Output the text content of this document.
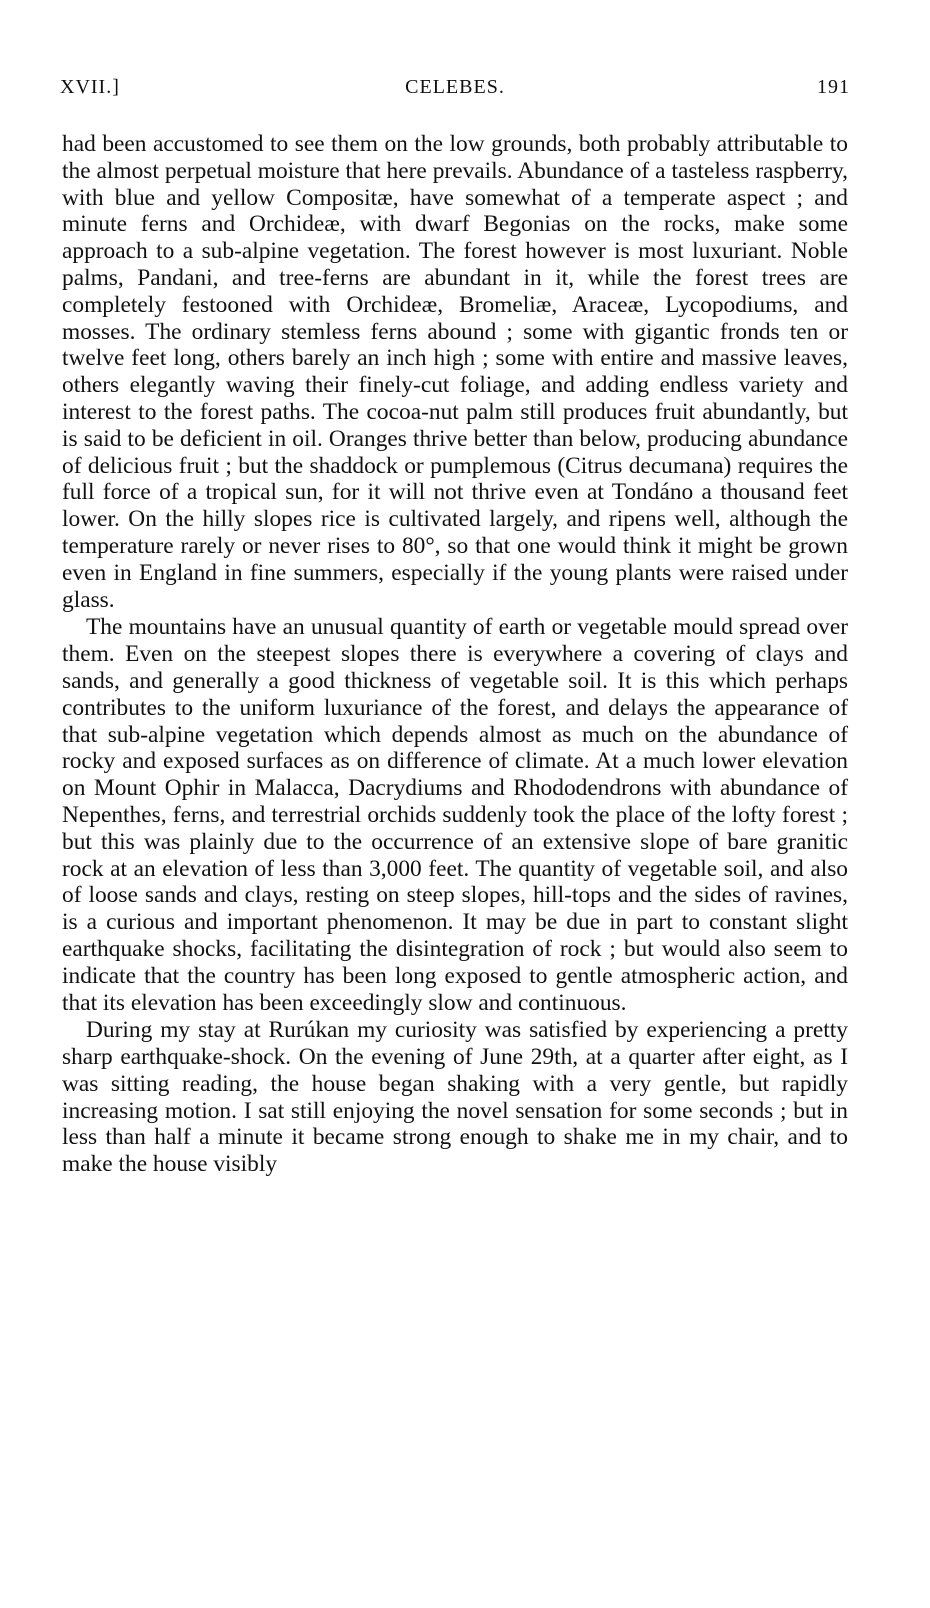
XVII.]	CELEBES.	191

had been accustomed to see them on the low grounds, both probably attributable to the almost perpetual moisture that here prevails. Abundance of a tasteless raspberry, with blue and yellow Compositæ, have somewhat of a temperate aspect ; and minute ferns and Orchideæ, with dwarf Begonias on the rocks, make some approach to a sub-alpine vegetation. The forest however is most luxuriant. Noble palms, Pandani, and tree-ferns are abundant in it, while the forest trees are completely festooned with Orchideæ, Bromeliæ, Araceæ, Lycopodiums, and mosses. The ordinary stemless ferns abound ; some with gigantic fronds ten or twelve feet long, others barely an inch high ; some with entire and massive leaves, others elegantly waving their finely-cut foliage, and adding endless variety and interest to the forest paths. The cocoa-nut palm still produces fruit abundantly, but is said to be deficient in oil. Oranges thrive better than below, producing abundance of delicious fruit ; but the shaddock or pumplemous (Citrus decumana) requires the full force of a tropical sun, for it will not thrive even at Tondáno a thousand feet lower. On the hilly slopes rice is cultivated largely, and ripens well, although the temperature rarely or never rises to 80°, so that one would think it might be grown even in England in fine summers, especially if the young plants were raised under glass.

The mountains have an unusual quantity of earth or vegetable mould spread over them. Even on the steepest slopes there is everywhere a covering of clays and sands, and generally a good thickness of vegetable soil. It is this which perhaps contributes to the uniform luxuriance of the forest, and delays the appearance of that sub-alpine vegetation which depends almost as much on the abundance of rocky and exposed surfaces as on difference of climate. At a much lower elevation on Mount Ophir in Malacca, Dacrydiums and Rhododendrons with abundance of Nepenthes, ferns, and terrestrial orchids suddenly took the place of the lofty forest ; but this was plainly due to the occurrence of an extensive slope of bare granitic rock at an elevation of less than 3,000 feet. The quantity of vegetable soil, and also of loose sands and clays, resting on steep slopes, hill-tops and the sides of ravines, is a curious and important phenomenon. It may be due in part to constant slight earthquake shocks, facilitating the disintegration of rock ; but would also seem to indicate that the country has been long exposed to gentle atmospheric action, and that its elevation has been exceedingly slow and continuous.

During my stay at Rurúkan my curiosity was satisfied by experiencing a pretty sharp earthquake-shock. On the evening of June 29th, at a quarter after eight, as I was sitting reading, the house began shaking with a very gentle, but rapidly increasing motion. I sat still enjoying the novel sensation for some seconds ; but in less than half a minute it became strong enough to shake me in my chair, and to make the house visibly
